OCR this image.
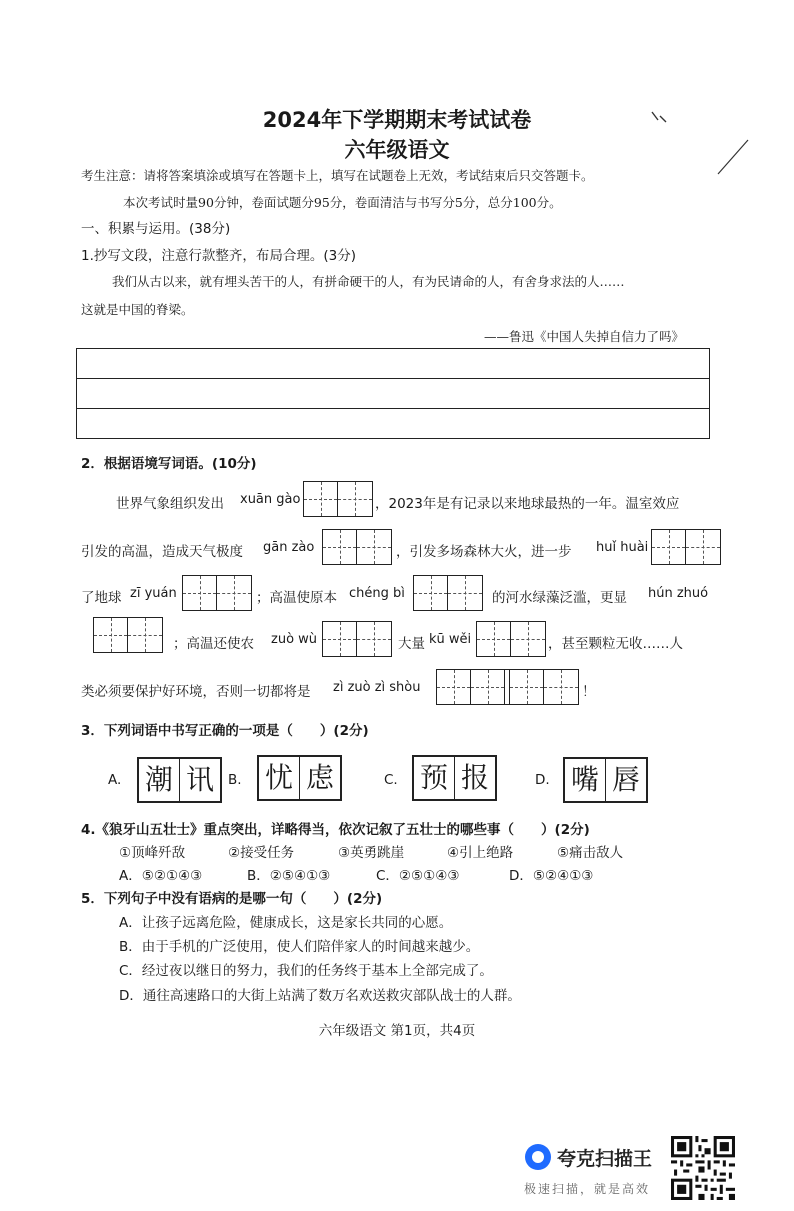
2024年下学期期末考试试卷
六年级语文
考生注意：请将答案填涂或填写在答题卡上，填写在试题卷上无效，考试结束后只交答题卡。
本次考试时量90分钟，卷面试题分95分，卷面清洁与书写分5分，总分100分。
一、积累与运用。(38分)
1.抄写文段，注意行款整齐，布局合理。(3分)
我们从古以来，就有埋头苦干的人，有拼命硬干的人，有为民请命的人，有舍身求法的人……
这就是中国的脊梁。
——鲁迅《中国人失掉自信力了吗》
2．根据语境写词语。(10分)
世界气象组织发出 xuān gào	，2023年是有记录以来地球最热的一年。温室效应
引发的高温，造成天气极度 gān zào	，引发多场森林大火，进一步 huǐ huài
了地球 zī yuán	；高温使原本 chéng bì	的河水绿藻泛滥，更显 hún zhuó
；高温还使农 zuò wù	大量 kū wěi	，甚至颗粒无收……人
类必须要保护好环境，否则一切都将是 zì zuò zì shòu	！
3．下列词语中书写正确的一项是（　　）(2分)
A. 潮 讯	B. 忧 虑	C. 预 报	D. 嘴 唇
4.《狼牙山五壮士》重点突出，详略得当，依次记叙了五壮士的哪些事（　　）(2分)
①顶峰歼敌	②接受任务	③英勇跳崖	④引上绝路	⑤痛击敌人
A．⑤②①④③	B．②⑤④①③	C．②⑤①④③	D．⑤②④①③
5．下列句子中没有语病的是哪一句（　　）(2分)
A．让孩子远离危险，健康成长，这是家长共同的心愿。
B．由于手机的广泛使用，使人们陪伴家人的时间越来越少。
C．经过夜以继日的努力，我们的任务终于基本上全部完成了。
D．通往高速路口的大街上站满了数万名欢送救灾部队战士的人群。
六年级语文 第1页，共4页
夸克扫描王
极速扫描，就是高效
